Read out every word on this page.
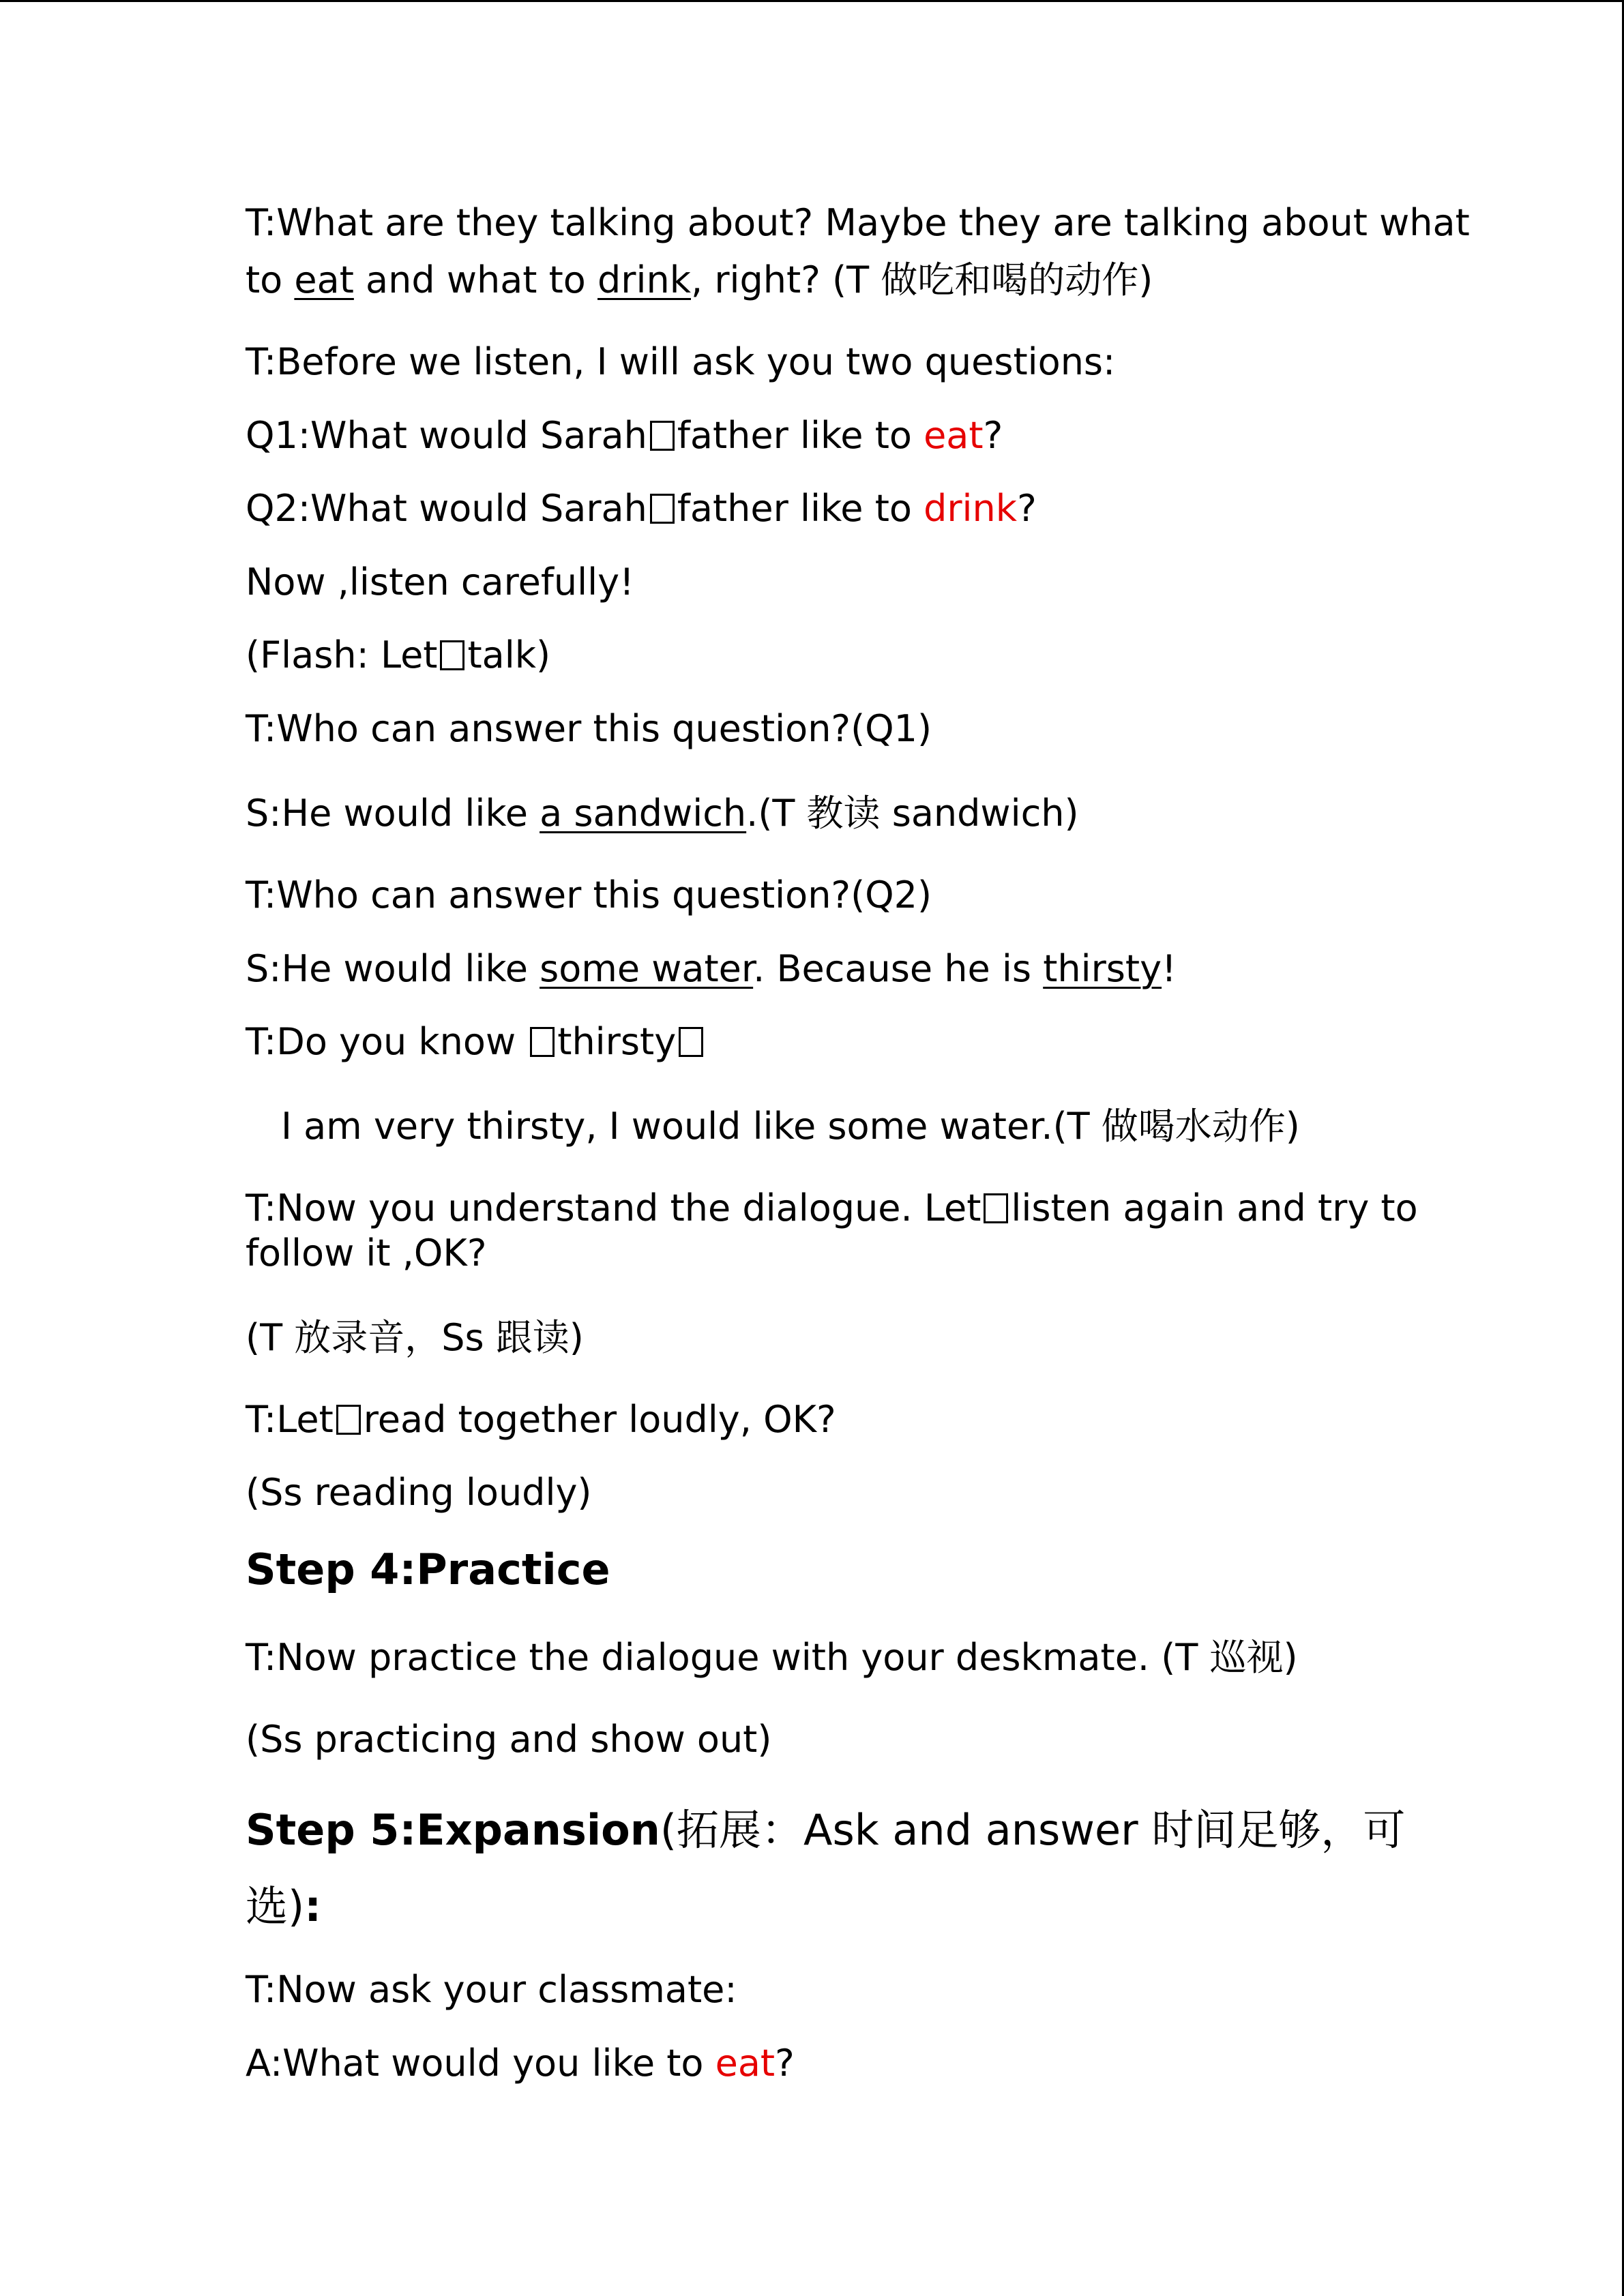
T:What are they talking about? Maybe they are talking about what

to eat and what to drink, right? (T 做吃和喝的动作)

T:Before we listen, I will ask you two questions:

Q1:What would Sarah father like to eat?

Q2:What would Sarah father like to drink?

Now ,listen carefully!

(Flash: Let talk)

T:Who can answer this question?(Q1)

S:He would like a sandwich.(T 教读 sandwich)

T:Who can answer this question?(Q2)

S:He would like some water. Because he is thirsty!

T:Do you know thirsty

I am very thirsty, I would like some water.(T 做喝水动作)

T:Now you understand the dialogue. Let listen again and try to

follow it ,OK?

(T 放录音，Ss 跟读)

T:Let read together loudly, OK?

(Ss reading loudly)

Step 4:Practice

T:Now practice the dialogue with your deskmate. (T 巡视)

(Ss practicing and show out)

Step 5:Expansion(拓展：Ask and answer 时间足够，可
选):

T:Now ask your classmate:

A:What would you like to eat?
